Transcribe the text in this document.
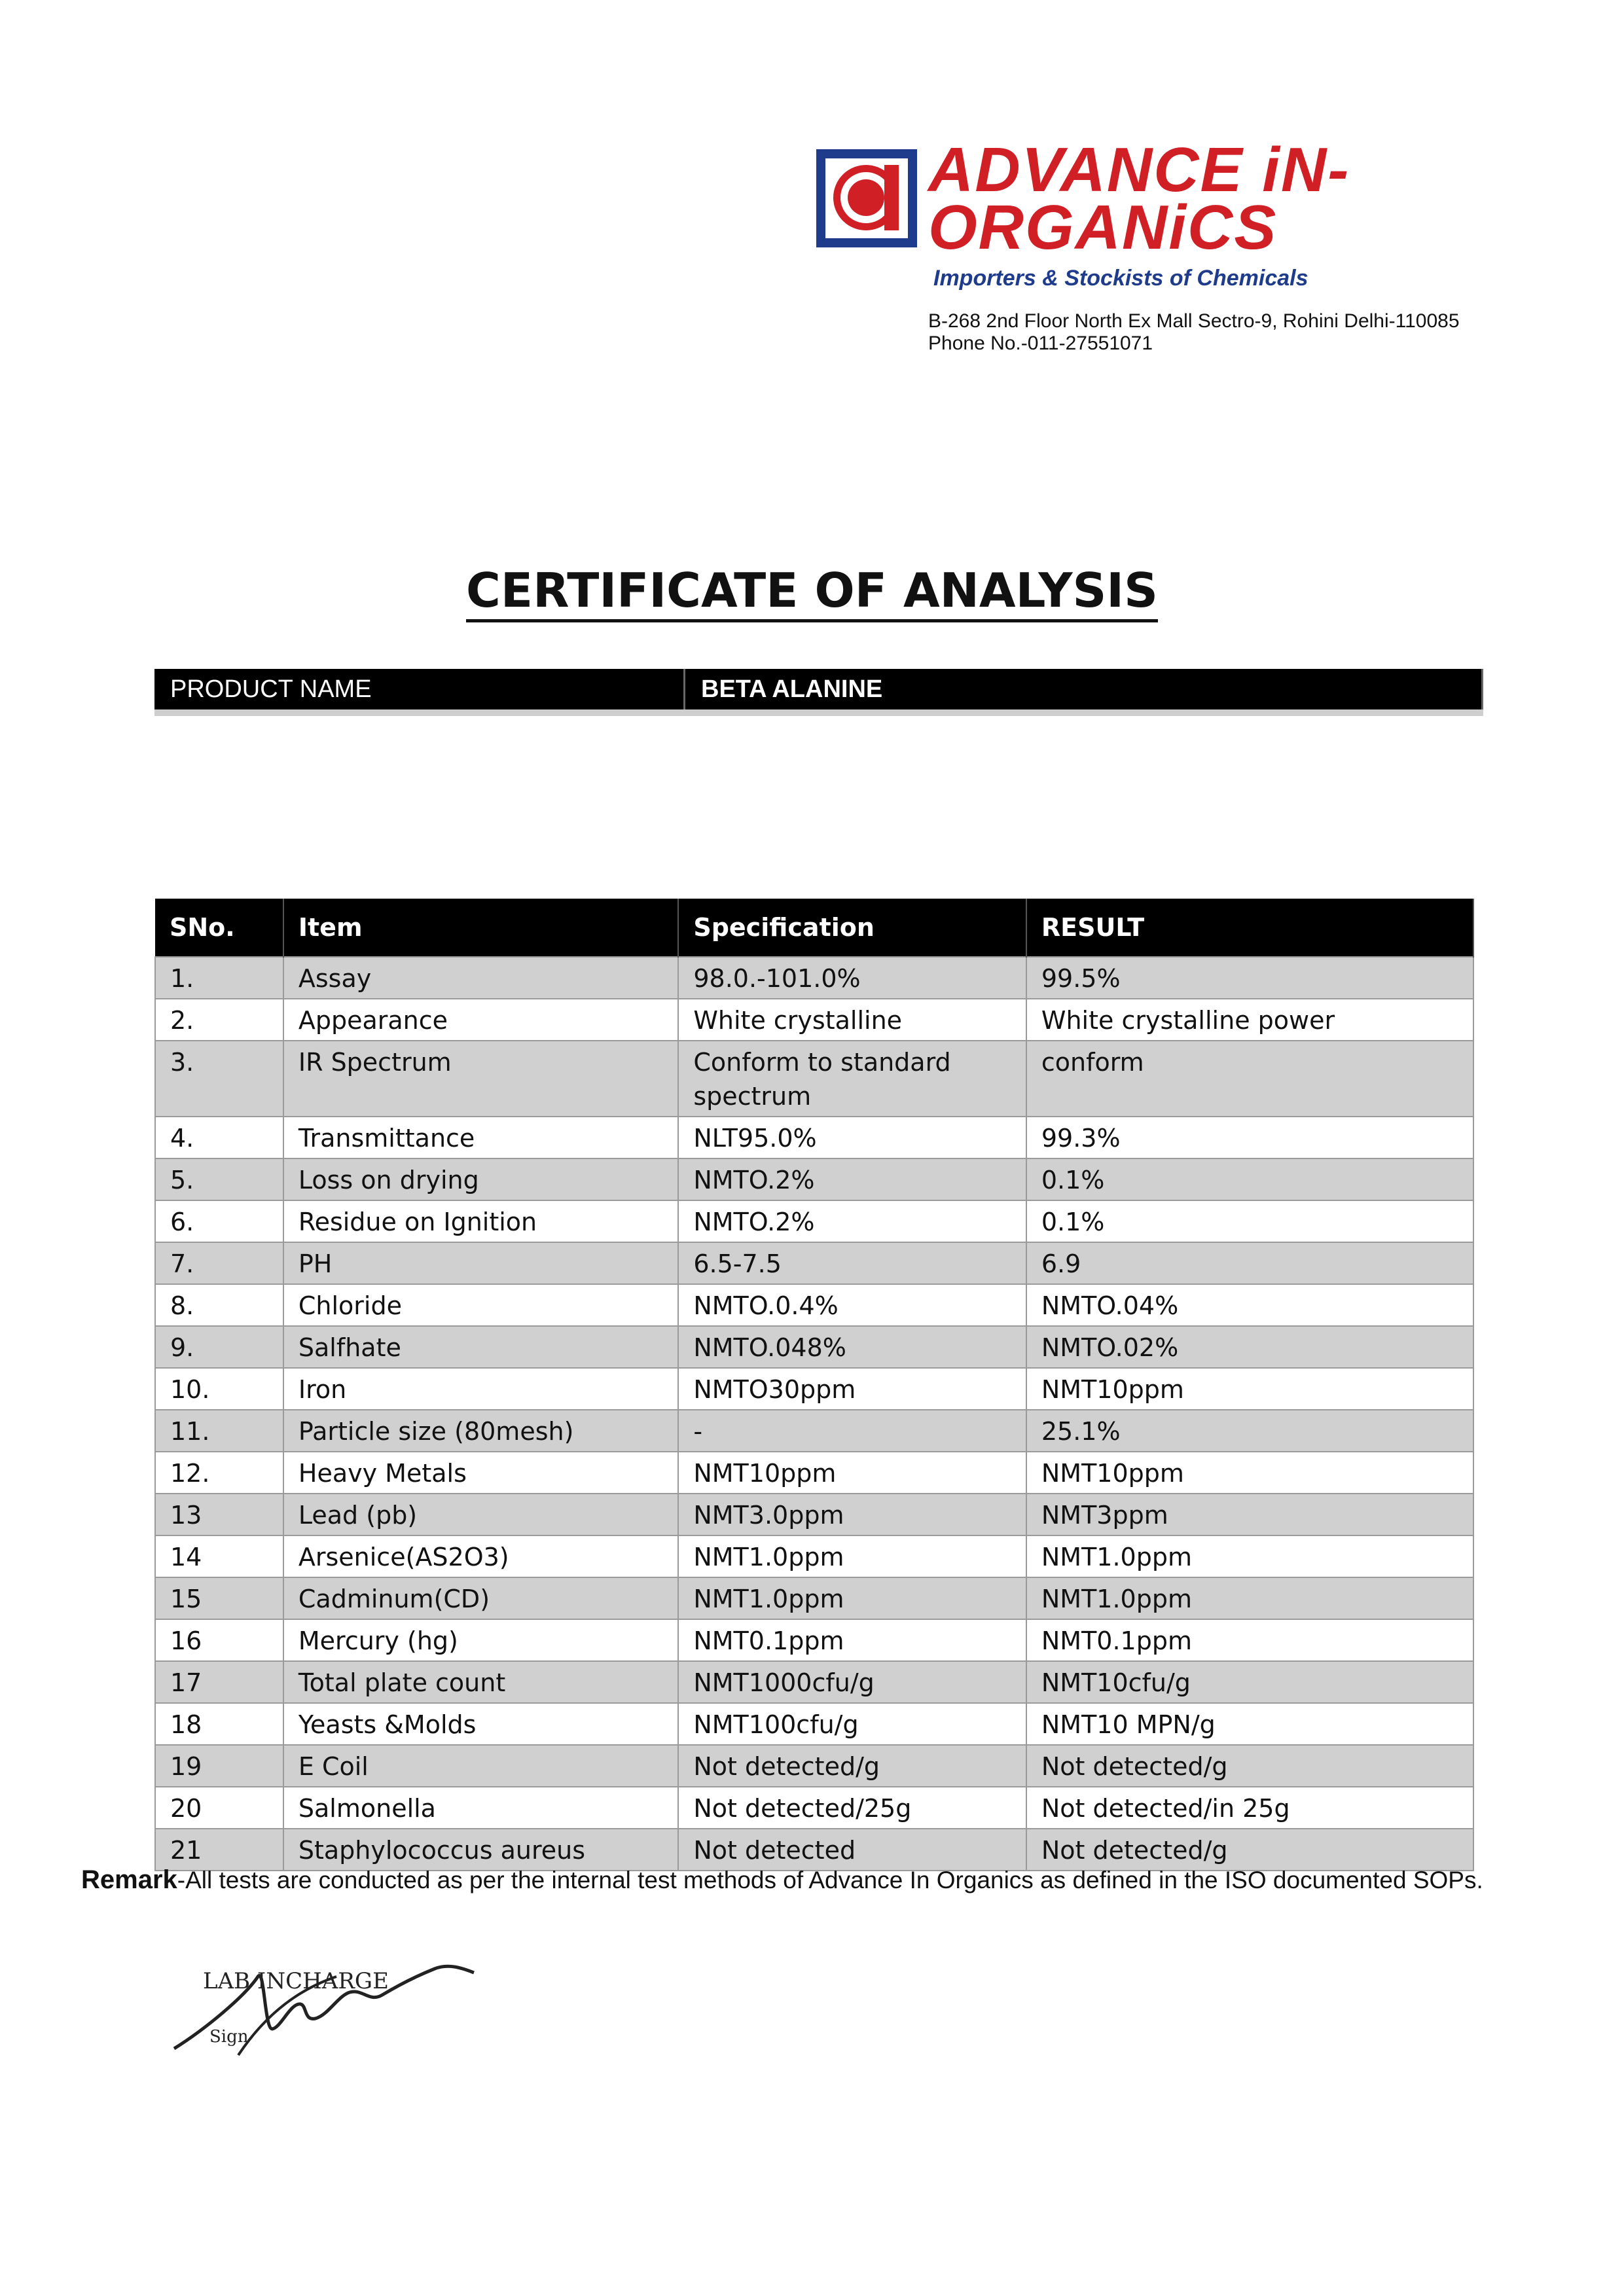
ADVANCE iN-
ORGANiCS
Importers & Stockists of Chemicals
B-268 2nd Floor North Ex Mall Sectro-9, Rohini Delhi-110085
Phone No.-011-27551071
CERTIFICATE OF ANALYSIS
PRODUCT NAME	BETA ALANINE
SNo.	Item	Specification	RESULT
1.	Assay	98.0.-101.0%	99.5%
2.	Appearance	White crystalline	White crystalline power
3.	IR Spectrum	Conform to standard spectrum	conform
4.	Transmittance	NLT95.0%	99.3%
5.	Loss on drying	NMTO.2%	0.1%
6.	Residue on Ignition	NMTO.2%	0.1%
7.	PH	6.5-7.5	6.9
8.	Chloride	NMTO.0.4%	NMTO.04%
9.	Salfhate	NMTO.048%	NMTO.02%
10.	Iron	NMTO30ppm	NMT10ppm
11.	Particle size (80mesh)	-	25.1%
12.	Heavy Metals	NMT10ppm	NMT10ppm
13	Lead (pb)	NMT3.0ppm	NMT3ppm
14	Arsenice(AS2O3)	NMT1.0ppm	NMT1.0ppm
15	Cadminum(CD)	NMT1.0ppm	NMT1.0ppm
16	Mercury (hg)	NMT0.1ppm	NMT0.1ppm
17	Total plate count	NMT1000cfu/g	NMT10cfu/g
18	Yeasts &Molds	NMT100cfu/g	NMT10 MPN/g
19	E Coil	Not detected/g	Not detected/g
20	Salmonella	Not detected/25g	Not detected/in 25g
21	Staphylococcus aureus	Not detected	Not detected/g
Remark-All tests are conducted as per the internal test methods of Advance In Organics as defined in the ISO documented SOPs.
LAB INCHARGE
Sign
